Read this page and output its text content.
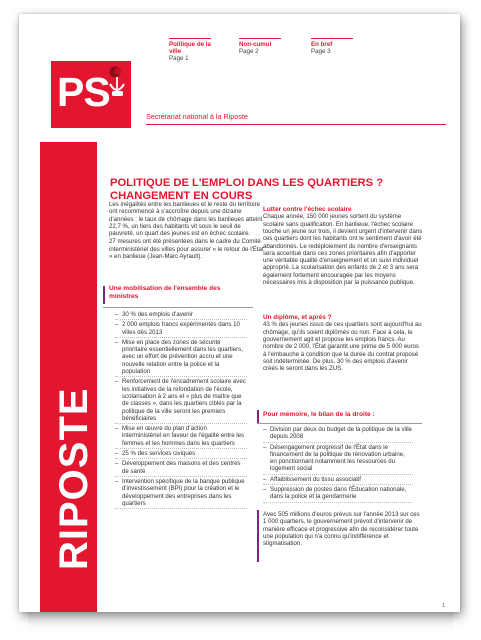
Politique de la ville
Page 1
Non-cumul
Page 2
En bref
Page 3
PS
Secrétariat national à la Riposte
RIPOSTE
N°6
21 février 2013
POLITIQUE DE L'EMPLOI DANS LES QUARTIERS ?
CHANGEMENT EN COURS

Les inégalités entre les banlieues et le reste du territoire ont recommencé à s'accroître depuis une dizaine d'années : le taux de chômage dans les banlieues atteint 22,7 %, un tiers des habitants vit sous le seuil de pauvreté, un quart des jeunes est en échec scolaire.

27 mesures ont été présentées dans le cadre du Comité interministériel des villes pour assurer « le retour de l'État » en banlieue (Jean-Marc Ayrault).

Une mobilisation de l'ensemble des ministres
– 30 % des emplois d'avenir
– 2 000 emplois francs expérimentés dans 10 villes dès 2013
– Mise en place des zones de sécurité prioritaire essentiellement dans les quartiers, avec un effort de prévention accru et une nouvelle relation entre la police et la population
– Renforcement de l'encadrement scolaire avec les initiatives de la refondation de l'école, scolarisation à 2 ans et « plus de maître que de classes », dans les quartiers ciblés par la politique de la ville seront les premiers bénéficiaires
– Mise en œuvre du plan d'action interministériel en faveur de l'égalité entre les femmes et les hommes dans les quartiers
– 25 % des services civiques
– Développement des maisons et des centres de santé
– Intervention spécifique de la banque publique d'investissement (BPI) pour la création et le développement des entreprises dans les quartiers
Lutter contre l'échec scolaire

Chaque année, 150 000 jeunes sortent du système scolaire sans qualification. En banlieue, l'échec scolaire touche un jeune sur trois, il devient urgent d'intervenir dans ces quartiers dont les habitants ont le sentiment d'avoir été abandonnés. Le redéploiement du nombre d'enseignants sera accentué dans ces zones prioritaires afin d'apporter une véritable qualité d'enseignement et un suivi individuel approprié. La scolarisation des enfants de 2 et 3 ans sera également fortement encouragée par les moyens nécessaires mis à disposition par la puissance publique.

Un diplôme, et après ?

43 % des jeunes issus de ces quartiers sont aujourd'hui au chômage, qu'ils soient diplômés ou non. Face à cela, le gouvernement agit et propose les emplois francs. Au nombre de 2 000, l'État garantit une prime de 5 000 euros à l'embauche à condition que la durée du contrat proposé soit indéterminée. De plus, 30 % des emplois d'avenir créés le seront dans les ZUS.

Pour mémoire, le bilan de la droite :
– Division par deux du budget de la politique de la ville depuis 2008
– Désengagement progressif de l'État dans le financement de la politique de rénovation urbaine, en ponctionnant notamment les ressources du logement social
– Affaiblissement du tissu associatif
– Suppression de postes dans l'Éducation nationale, dans la police et la gendarmerie

Avec 505 millions d'euros prévus sur l'année 2013 sur ces 1 000 quartiers, le gouvernement prévoit d'intervenir de manière efficace et progressive afin de reconsidérer toute une population qui n'a connu qu'indifférence et stigmatisation.

1
